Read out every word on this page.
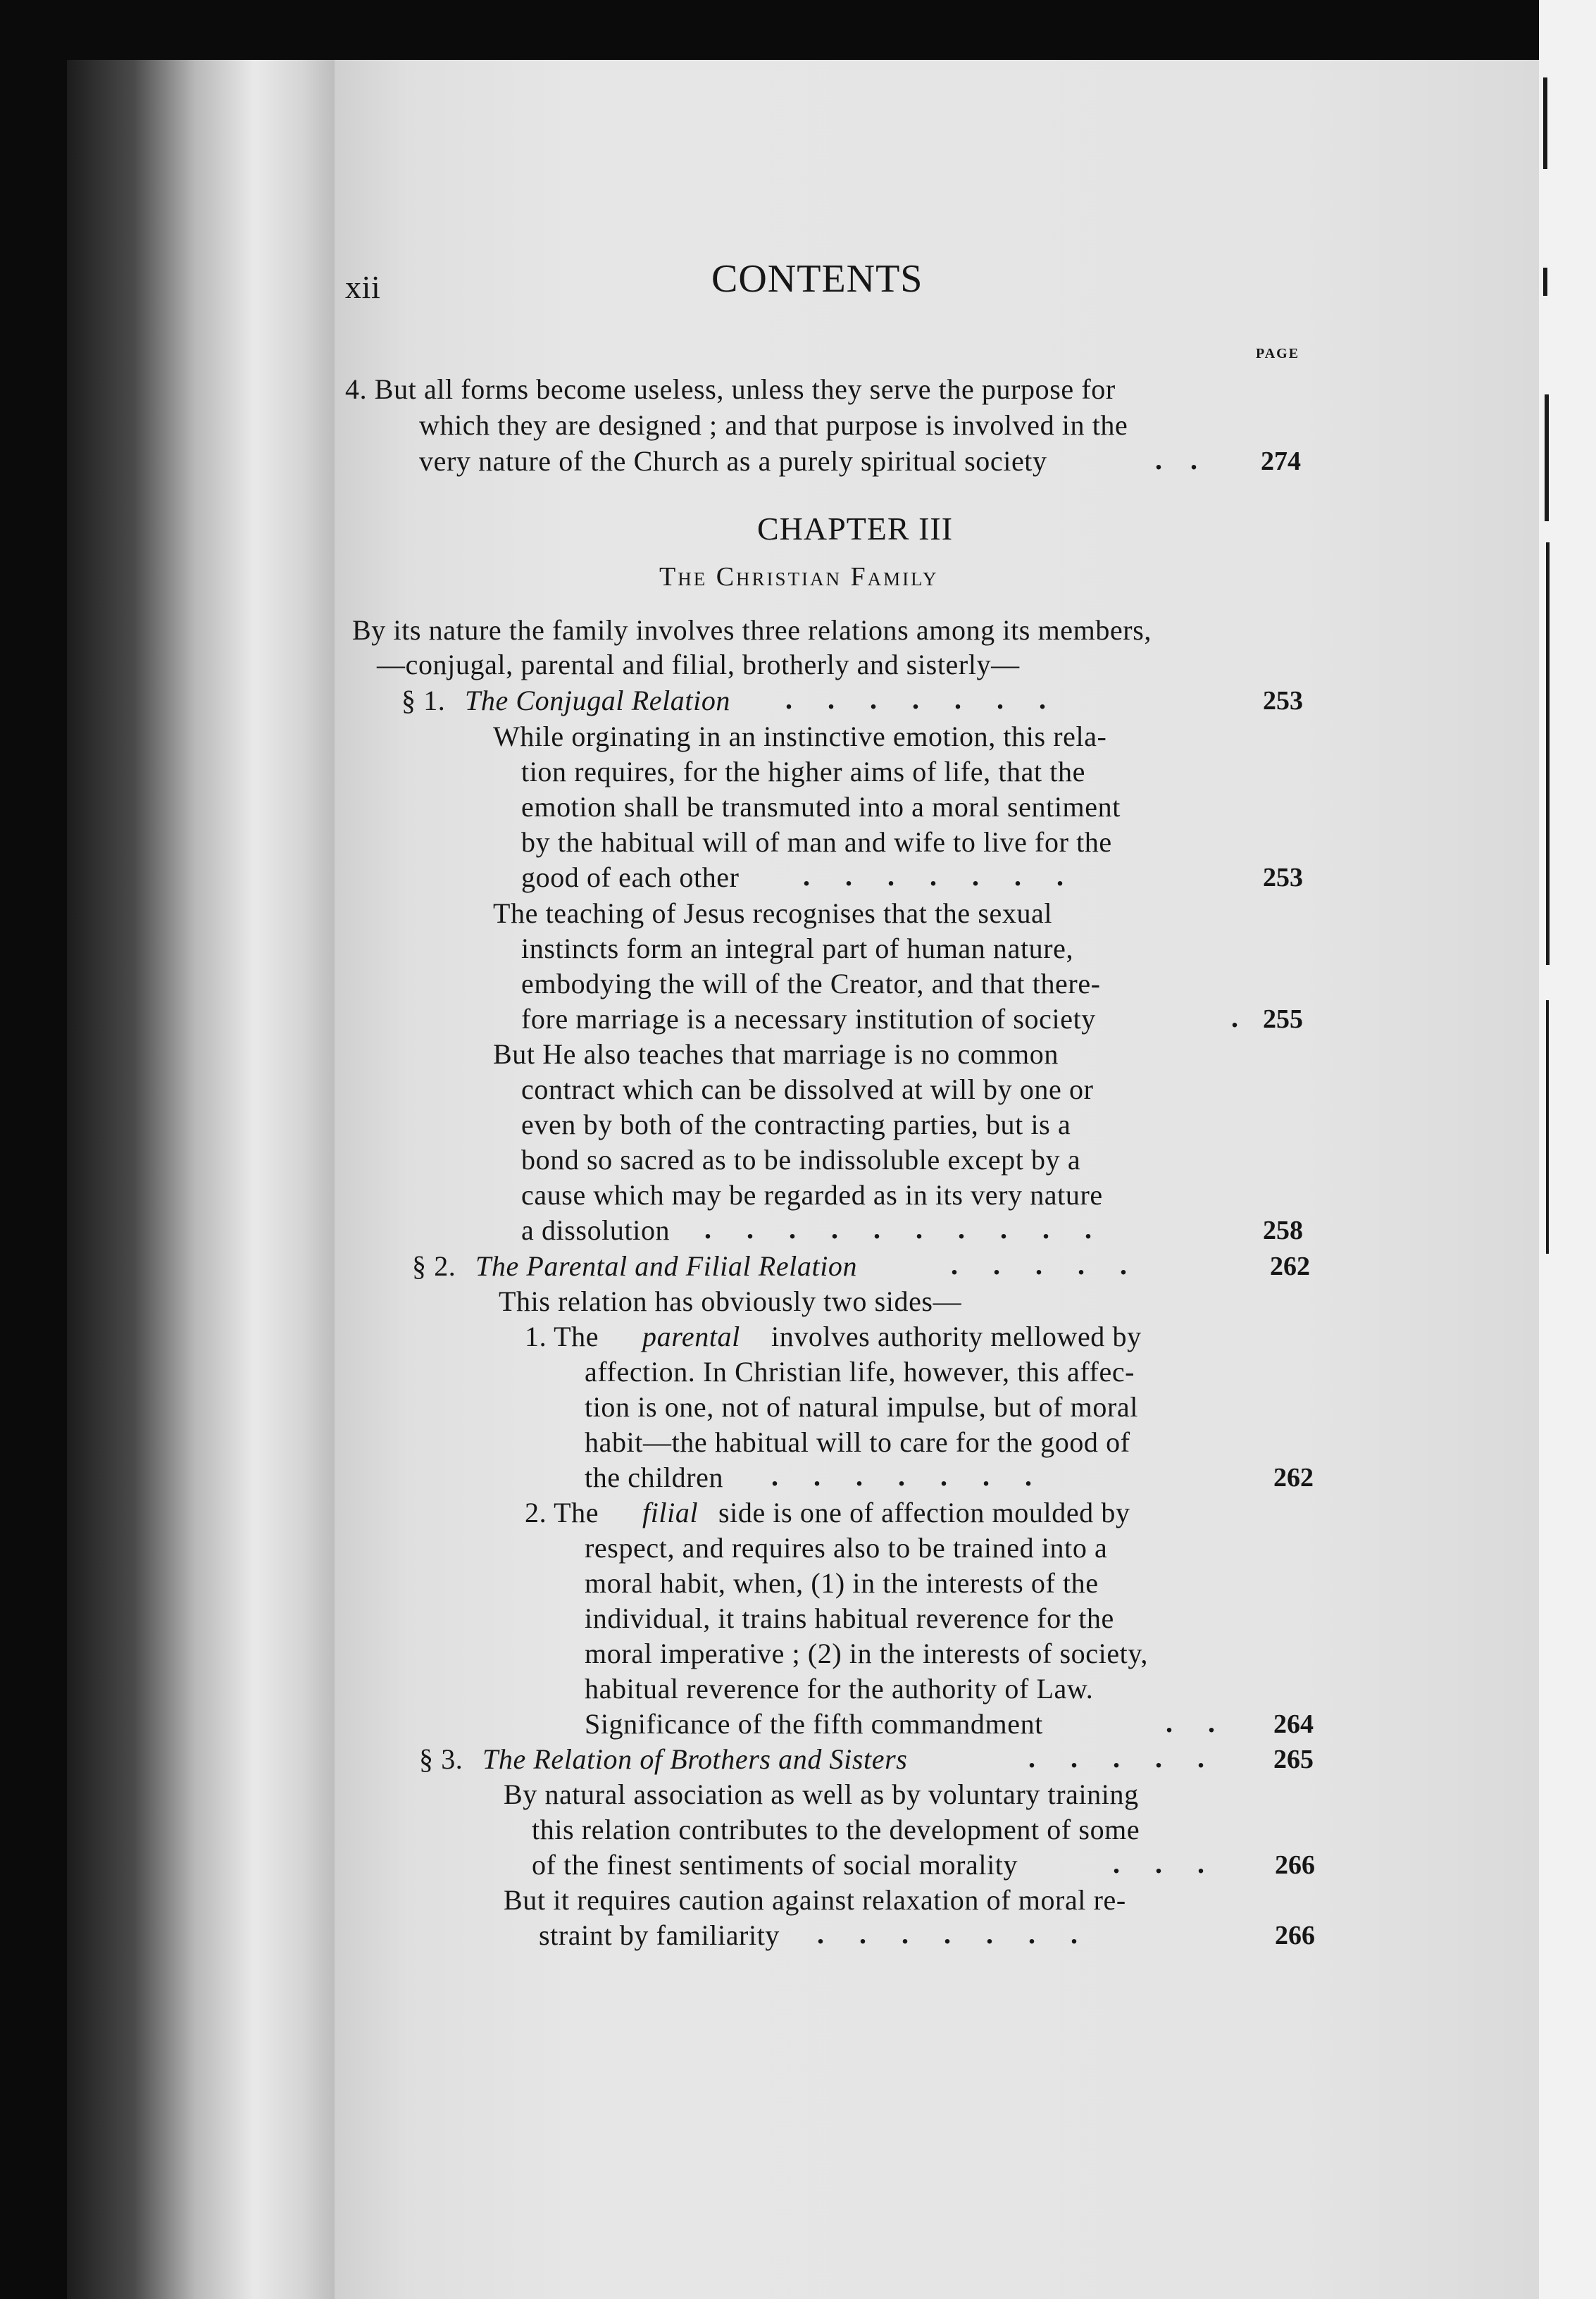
xii	CONTENTS
PAGE
4. But all forms become useless, unless they serve the purpose for
which they are designed ; and that purpose is involved in the
very nature of the Church as a purely spiritual society	.    . 274
CHAPTER III
The Christian Family
By its nature the family involves three relations among its members,
—conjugal, parental and filial, brotherly and sisterly—
§ 1. The Conjugal Relation .     .     .     .     .     .     .	253
While orginating in an instinctive emotion, this rela-
tion requires, for the higher aims of life, that the
emotion shall be transmuted into a moral sentiment
by the habitual will of man and wife to live for the
good of each other .     .     .     .     .     .     .	253
The teaching of Jesus recognises that the sexual
instincts form an integral part of human nature,
embodying the will of the Creator, and that there-
fore marriage is a necessary institution of society	. 255
But He also teaches that marriage is no common
contract which can be dissolved at will by one or
even by both of the contracting parties, but is a
bond so sacred as to be indissoluble except by a
cause which may be regarded as in its very nature
a dissolution .     .     .     .     .     .     .     .     .     .	258
§ 2. The Parental and Filial Relation	.     .     .     .     .	262
This relation has obviously two sides—
1. The parental involves authority mellowed by
affection. In Christian life, however, this affec-
tion is one, not of natural impulse, but of moral
habit—the habitual will to care for the good of
the children .     .     .     .     .     .     .	262
2. The filial side is one of affection moulded by
respect, and requires also to be trained into a
moral habit, when, (1) in the interests of the
individual, it trains habitual reverence for the
moral imperative ; (2) in the interests of society,
habitual reverence for the authority of Law.
Significance of the fifth commandment	.     . 264
§ 3. The Relation of Brothers and Sisters	.     .     .     .     .	265
By natural association as well as by voluntary training
this relation contributes to the development of some
of the finest sentiments of social morality	.     .     .	266
But it requires caution against relaxation of moral re-
straint by familiarity .     .     .     .     .     .     .	266
